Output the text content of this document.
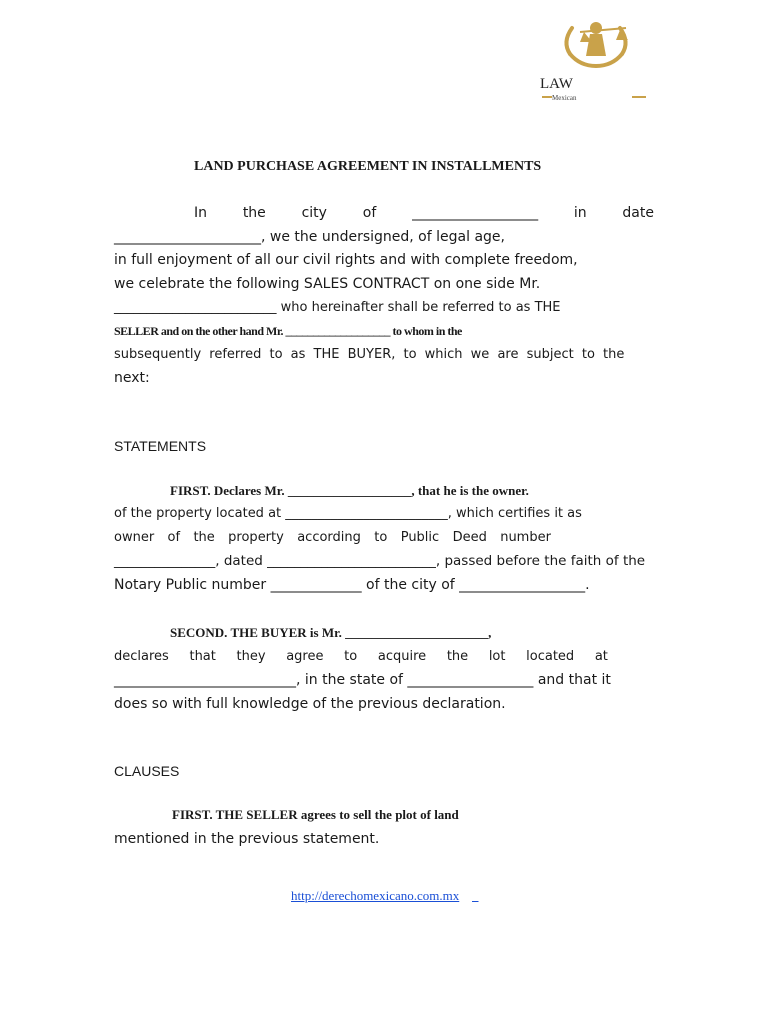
LAW
Mexican
LAND PURCHASE AGREEMENT IN INSTALLMENTS
In	the	city	of	__________________	in	date
_____________________, we the undersigned, of legal age,
in full enjoyment of all our civil rights and with complete freedom,
we celebrate the following SALES CONTRACT on one side Mr.
_________________________ who hereinafter shall be referred to as THE
SELLER and on the other hand Mr. ___________________ to whom in the
subsequently referred to as THE BUYER, to which we are subject to the
next:
STATEMENTS
FIRST. Declares Mr. ___________________, that he is the owner.
of the property located at _________________________, which certifies it as
owner of the property according to Public Deed number
_______________, dated _________________________, passed before the faith of the
Notary Public number _____________ of the city of __________________.
SECOND. THE BUYER is Mr. ______________________,
declares that they agree to acquire the lot located at
__________________________, in the state of __________________ and that it
does so with full knowledge of the previous declaration.
CLAUSES
FIRST. THE SELLER agrees to sell the plot of land
mentioned in the previous statement.
http://derechomexicano.com.mx
